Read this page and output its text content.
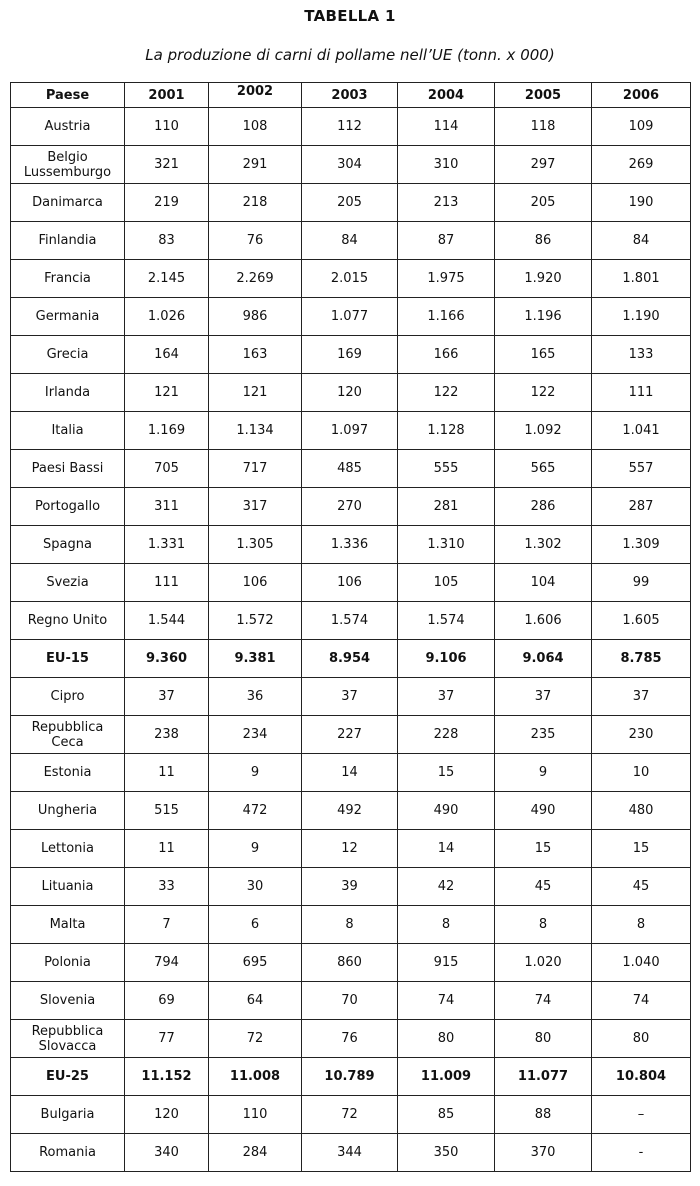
TABELLA 1
La produzione di carni di pollame nell’UE (tonn. x 000)
Paese	2001	2002	2003	2004	2005	2006
Austria	110	108	112	114	118	109
Belgio
Lussemburgo	321	291	304	310	297	269
Danimarca	219	218	205	213	205	190
Finlandia	83	76	84	87	86	84
Francia	2.145	2.269	2.015	1.975	1.920	1.801
Germania	1.026	986	1.077	1.166	1.196	1.190
Grecia	164	163	169	166	165	133
Irlanda	121	121	120	122	122	111
Italia	1.169	1.134	1.097	1.128	1.092	1.041
Paesi Bassi	705	717	485	555	565	557
Portogallo	311	317	270	281	286	287
Spagna	1.331	1.305	1.336	1.310	1.302	1.309
Svezia	111	106	106	105	104	99
Regno Unito	1.544	1.572	1.574	1.574	1.606	1.605
EU-15	9.360	9.381	8.954	9.106	9.064	8.785
Cipro	37	36	37	37	37	37
Repubblica
Ceca	238	234	227	228	235	230
Estonia	11	9	14	15	9	10
Ungheria	515	472	492	490	490	480
Lettonia	11	9	12	14	15	15
Lituania	33	30	39	42	45	45
Malta	7	6	8	8	8	8
Polonia	794	695	860	915	1.020	1.040
Slovenia	69	64	70	74	74	74
Repubblica
Slovacca	77	72	76	80	80	80
EU-25	11.152	11.008	10.789	11.009	11.077	10.804
Bulgaria	120	110	72	85	88	–
Romania	340	284	344	350	370	-
